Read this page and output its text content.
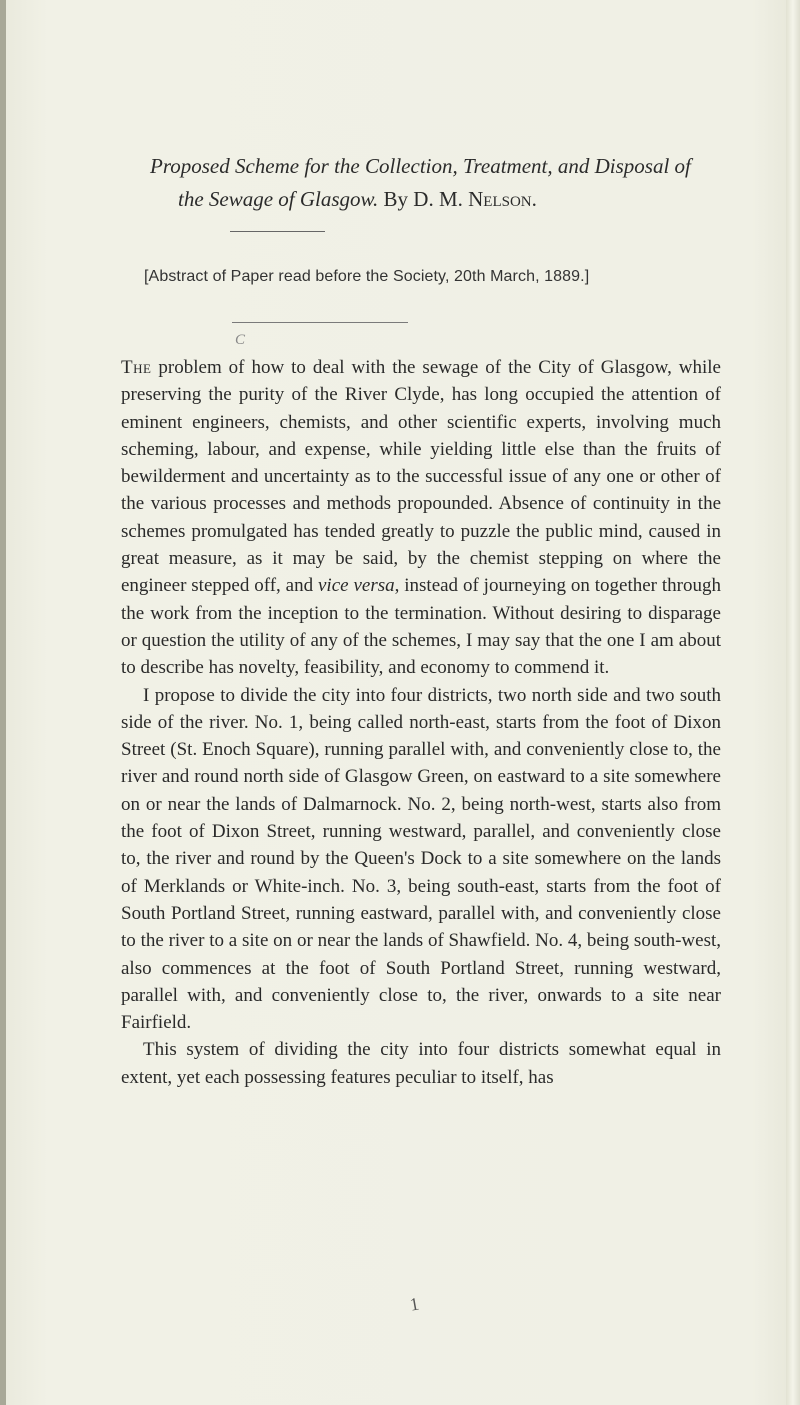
Proposed Scheme for the Collection, Treatment, and Disposal of
the Sewage of Glasgow. By D. M. Nelson.
[Abstract of Paper read before the Society, 20th March, 1889.]
C

The problem of how to deal with the sewage of the City of Glasgow, while preserving the purity of the River Clyde, has long occupied the attention of eminent engineers, chemists, and other scientific experts, involving much scheming, labour, and expense, while yielding little else than the fruits of bewilderment and uncertainty as to the successful issue of any one or other of the various processes and methods propounded. Absence of continuity in the schemes promulgated has tended greatly to puzzle the public mind, caused in great measure, as it may be said, by the chemist stepping on where the engineer stepped off, and vice versa, instead of journeying on together through the work from the inception to the termination. Without desiring to disparage or question the utility of any of the schemes, I may say that the one I am about to describe has novelty, feasibility, and economy to commend it.

I propose to divide the city into four districts, two north side and two south side of the river. No. 1, being called north-east, starts from the foot of Dixon Street (St. Enoch Square), running parallel with, and conveniently close to, the river and round north side of Glasgow Green, on eastward to a site somewhere on or near the lands of Dalmarnock. No. 2, being north-west, starts also from the foot of Dixon Street, running westward, parallel, and conveniently close to, the river and round by the Queen's Dock to a site somewhere on the lands of Merklands or White-inch. No. 3, being south-east, starts from the foot of South Portland Street, running eastward, parallel with, and conveniently close to the river to a site on or near the lands of Shawfield. No. 4, being south-west, also commences at the foot of South Portland Street, running westward, parallel with, and conveniently close to, the river, onwards to a site near Fairfield.

This system of dividing the city into four districts somewhat equal in extent, yet each possessing features peculiar to itself, has

1
